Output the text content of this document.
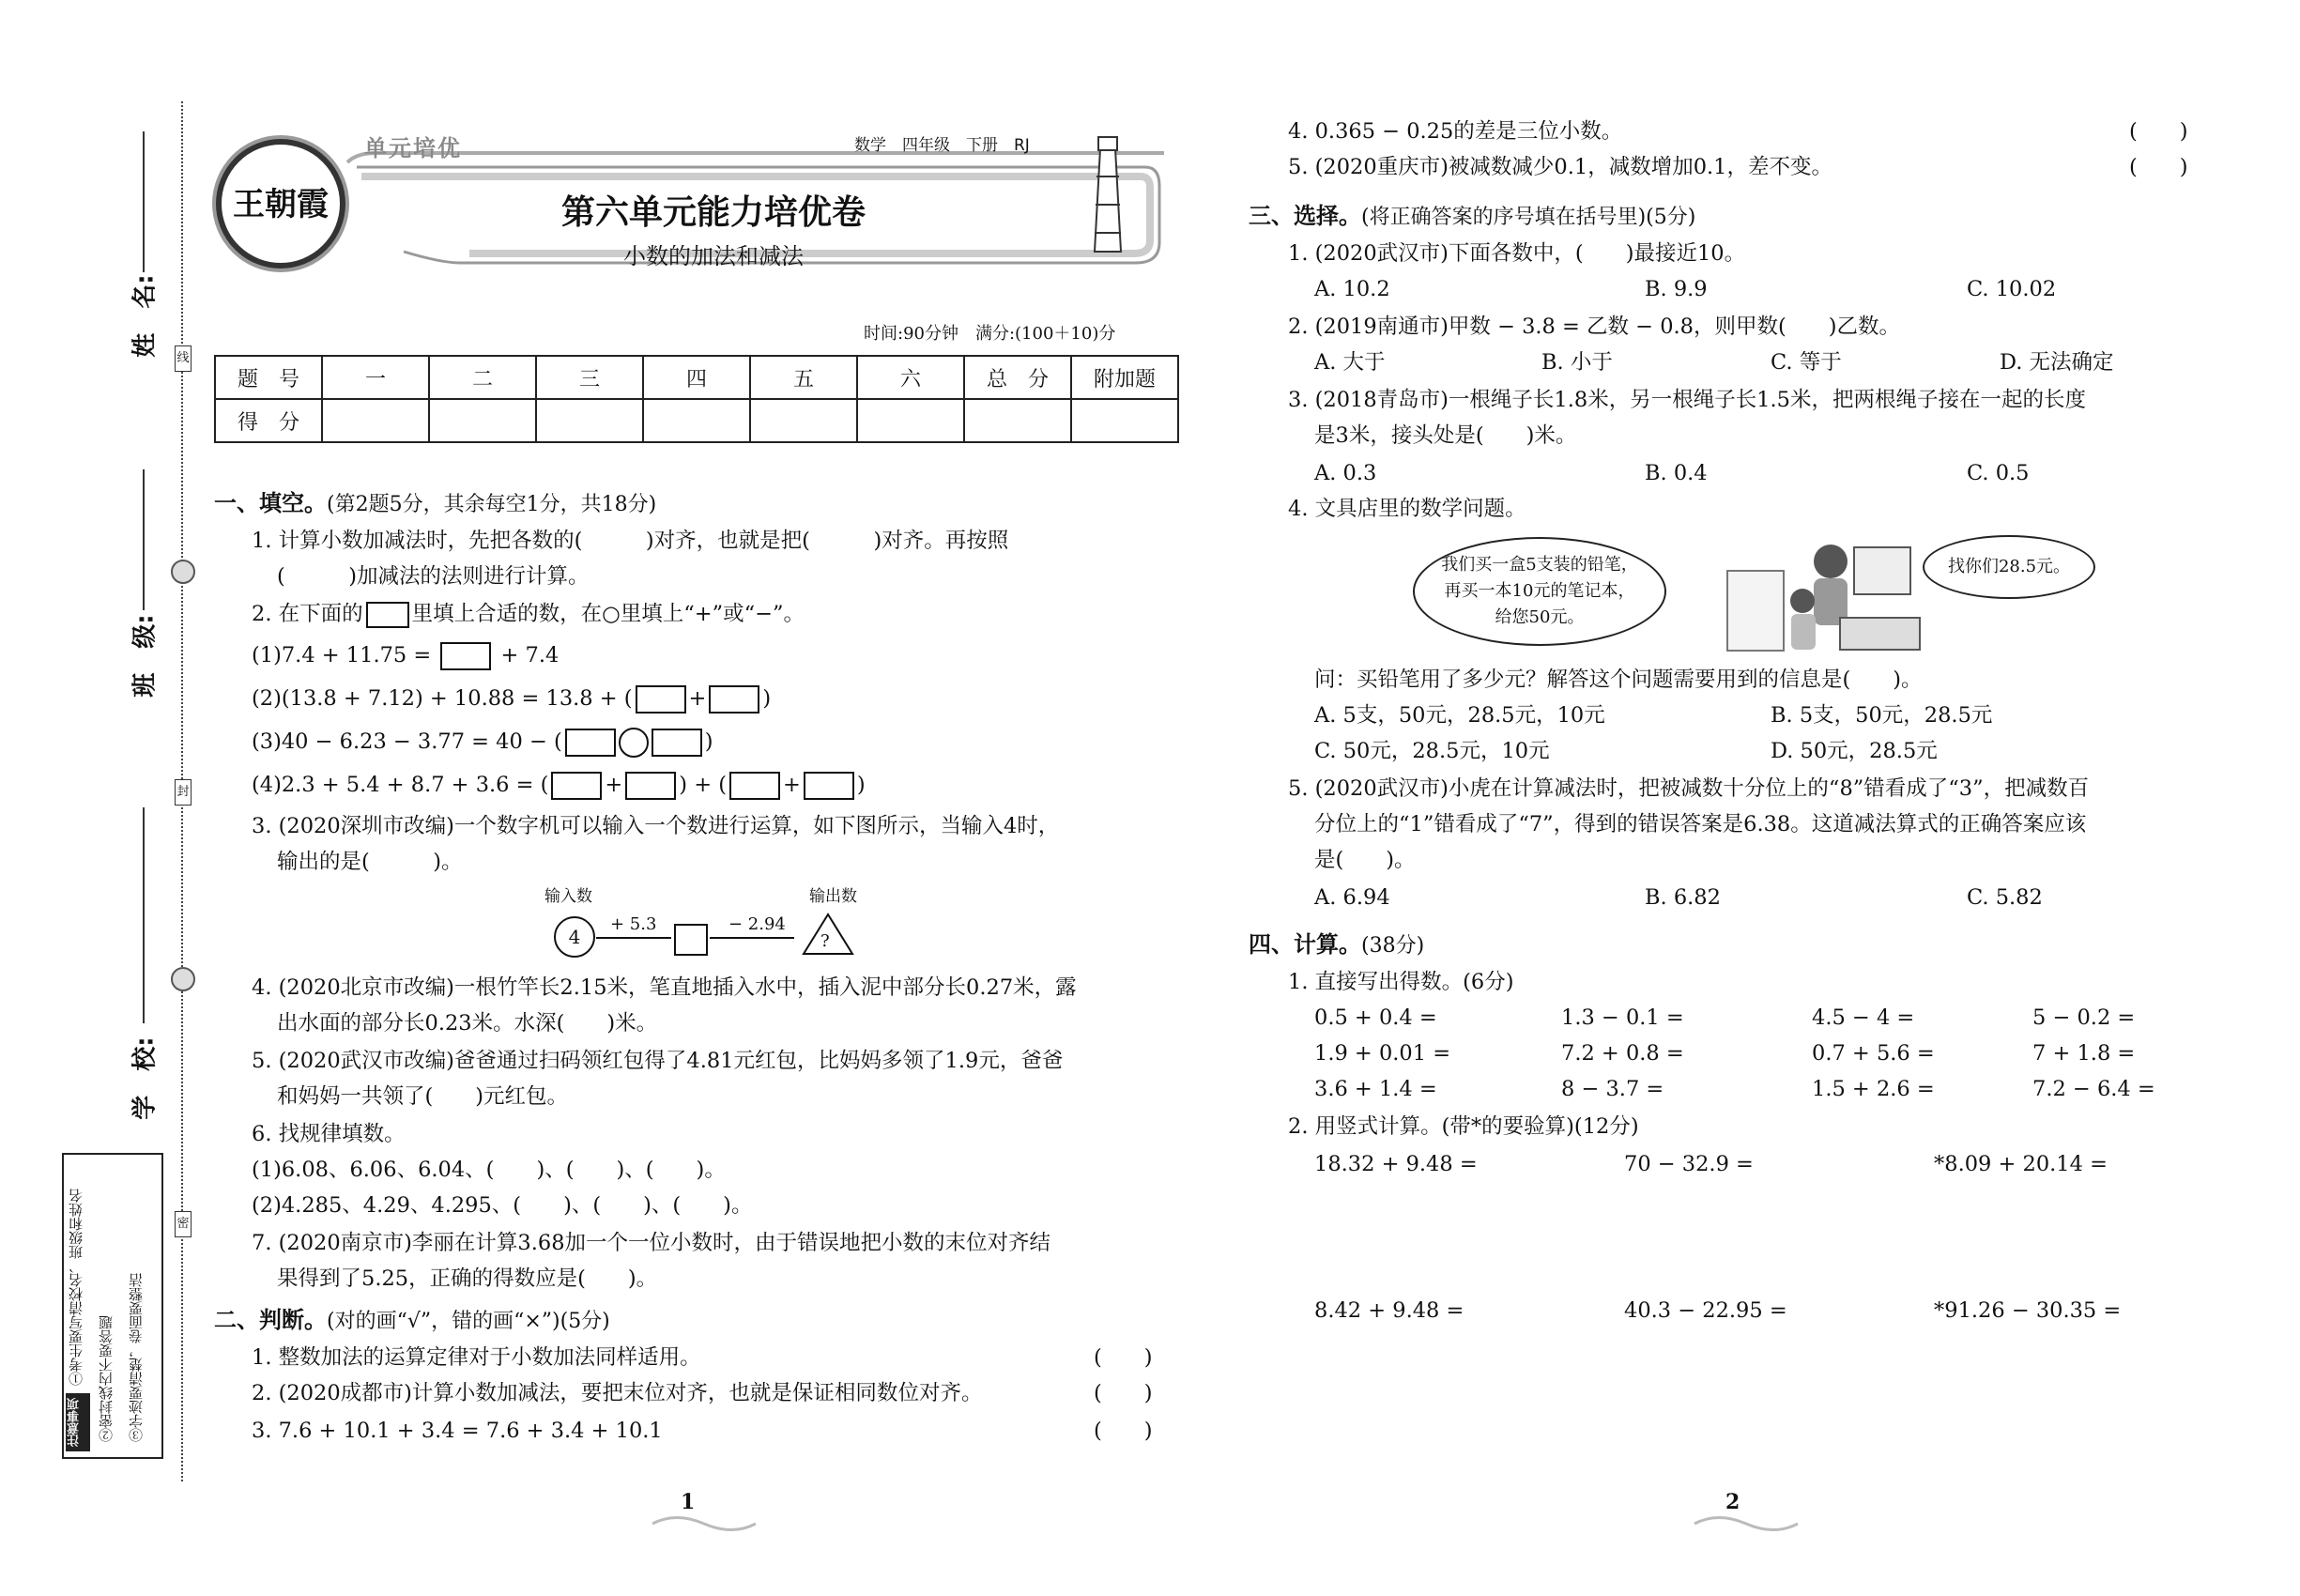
姓　名:
班　级:
学　校:
线
封
密
注意事项
①考生要写清校名、班级和姓名 ②密封线内不要答题 ③字迹要清楚，卷面要整洁
王朝霞
单元培优	数学　四年级　下册　RJ
第六单元能力培优卷
小数的加法和减法
时间:90分钟　满分:(100＋10)分
题　号	一	二	三	四	五	六	总　分	附加题
得　分								
一、填空。(第2题5分，其余每空1分，共18分)
1. 计算小数加减法时，先把各数的(　　　)对齐，也就是把(　　　)对齐。再按照
(　　　)加减法的法则进行计算。
2. 在下面的 里填上合适的数，在○里填上“+”或“−”。
(1)7.4 + 11.75 =	+ 7.4
(2)(13.8 + 7.12) + 10.88 = 13.8 + (	+	)
(3)40 − 6.23 − 3.77 = 40 − (	)
(4)2.3 + 5.4 + 8.7 + 3.6 = (	+	) + (	+	)
3. (2020深圳市改编)一个数字机可以输入一个数进行运算，如下图所示，当输入4时，
输出的是(　　　)。
输入数	输出数
4
+ 5.3	− 2.94
?
4. (2020北京市改编)一根竹竿长2.15米，笔直地插入水中，插入泥中部分长0.27米，露
出水面的部分长0.23米。水深(　　)米。
5. (2020武汉市改编)爸爸通过扫码领红包得了4.81元红包，比妈妈多领了1.9元，爸爸
和妈妈一共领了(　　)元红包。
6. 找规律填数。
(1)6.08、6.06、6.04、(　　)、(　　)、(　　)。
(2)4.285、4.29、4.295、(　　)、(　　)、(　　)。
7. (2020南京市)李丽在计算3.68加一个一位小数时，由于错误地把小数的末位对齐结
果得到了5.25，正确的得数应是(　　)。
二、判断。(对的画“√”，错的画“×”)(5分)
1. 整数加法的运算定律对于小数加法同样适用。	(　　)
2. (2020成都市)计算小数加减法，要把末位对齐，也就是保证相同数位对齐。	(　　)
3. 7.6 + 10.1 + 3.4 = 7.6 + 3.4 + 10.1	(　　)
1
4. 0.365 − 0.25的差是三位小数。	(　　)
5. (2020重庆市)被减数减少0.1，减数增加0.1，差不变。	(　　)
三、选择。(将正确答案的序号填在括号里)(5分)
1. (2020武汉市)下面各数中，(　　)最接近10。
A. 10.2	B. 9.9	C. 10.02
2. (2019南通市)甲数 − 3.8 = 乙数 − 0.8，则甲数(　　)乙数。
A. 大于	B. 小于	C. 等于	D. 无法确定
3. (2018青岛市)一根绳子长1.8米，另一根绳子长1.5米，把两根绳子接在一起的长度
是3米，接头处是(　　)米。
A. 0.3	B. 0.4	C. 0.5
4. 文具店里的数学问题。
我们买一盒5支装的铅笔，再买一本10元的笔记本，给您50元。
找你们28.5元。
问：买铅笔用了多少元？解答这个问题需要用到的信息是(　　)。
A. 5支，50元，28.5元，10元	B. 5支，50元，28.5元
C. 50元，28.5元，10元	D. 50元，28.5元
5. (2020武汉市)小虎在计算减法时，把被减数十分位上的“8”错看成了“3”，把减数百
分位上的“1”错看成了“7”，得到的错误答案是6.38。这道减法算式的正确答案应该
是(　　)。
A. 6.94	B. 6.82	C. 5.82
四、计算。(38分)
1. 直接写出得数。(6分)
0.5 + 0.4 =	1.3 − 0.1 =	4.5 − 4 =	5 − 0.2 =
1.9 + 0.01 =	7.2 + 0.8 =	0.7 + 5.6 =	7 + 1.8 =
3.6 + 1.4 =	8 − 3.7 =	1.5 + 2.6 =	7.2 − 6.4 =
2. 用竖式计算。(带*的要验算)(12分)
18.32 + 9.48 =	70 − 32.9 =	*8.09 + 20.14 =
8.42 + 9.48 =	40.3 − 22.95 =	*91.26 − 30.35 =
2
